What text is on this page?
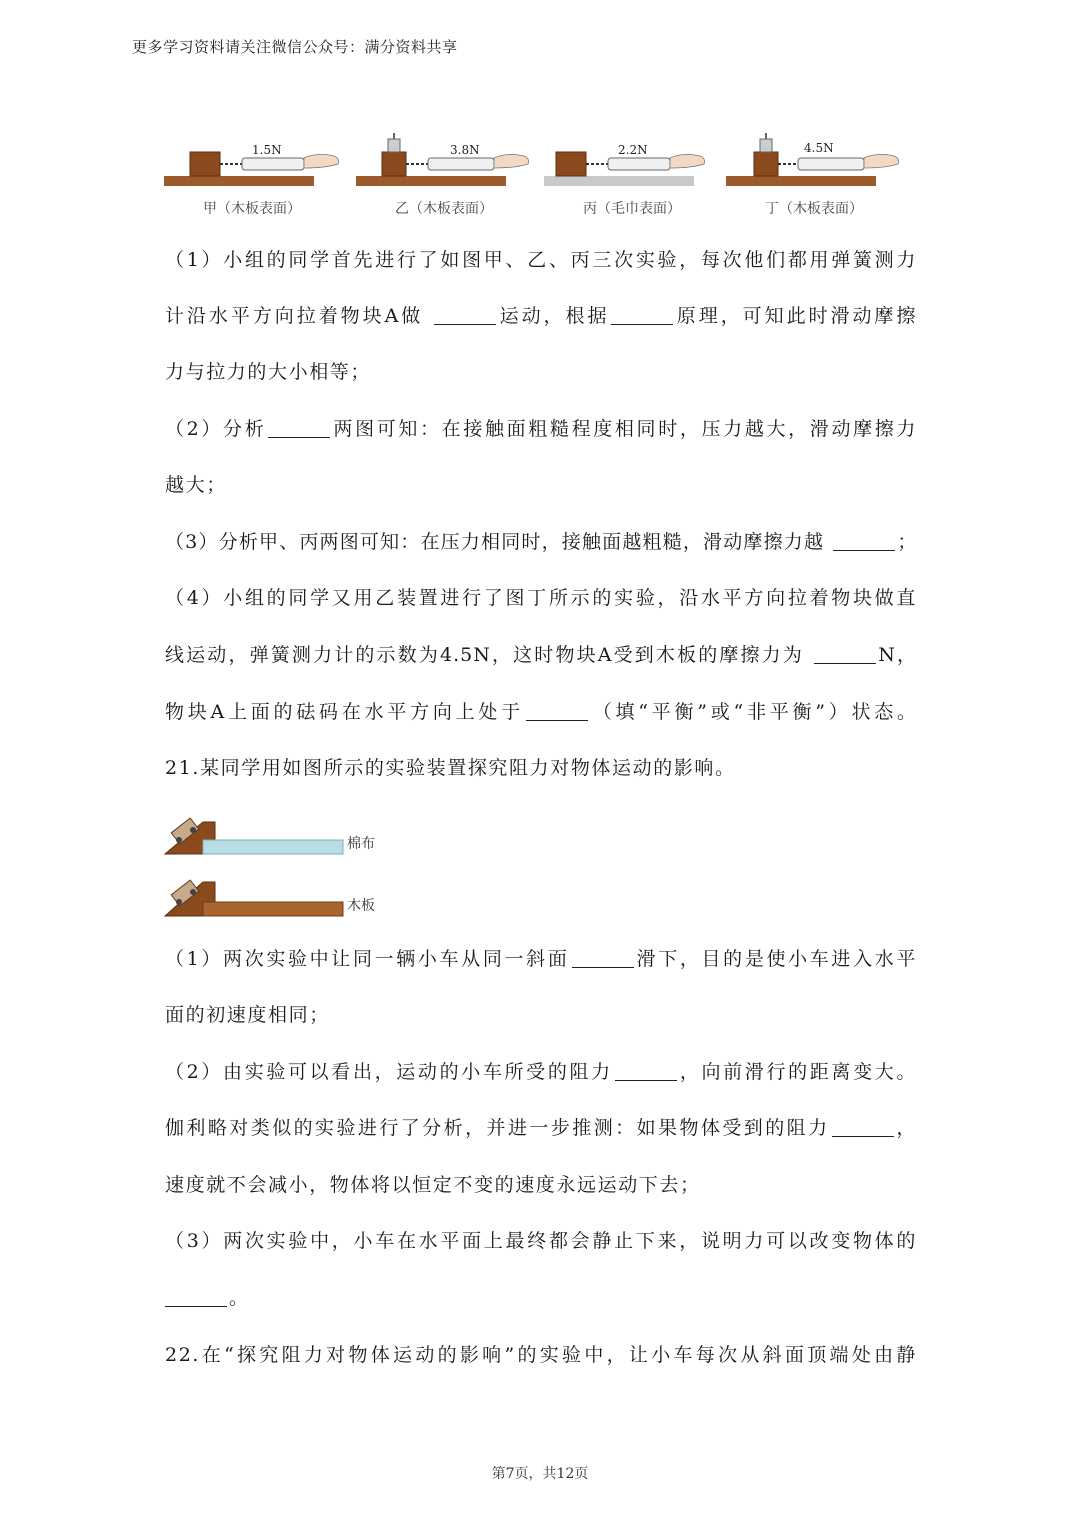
更多学习资料请关注微信公众号：满分资料共享
1.5N
甲（木板表面）
3.8N
乙（木板表面）
2.2N
丙（毛巾表面）
4.5N
丁（木板表面）
（1）小组的同学首先进行了如图甲、乙、丙三次实验，每次他们都用弹簧测力
计沿水平方向拉着物块A做	运动，根据	原理，可知此时滑动摩擦
力与拉力的大小相等；
（2）分析	两图可知：在接触面粗糙程度相同时，压力越大，滑动摩擦力
越大；
（3）分析甲、丙两图可知：在压力相同时，接触面越粗糙，滑动摩擦力越	；
（4）小组的同学又用乙装置进行了图丁所示的实验，沿水平方向拉着物块做直
线运动，弹簧测力计的示数为4.5N，这时物块A受到木板的摩擦力为	N，
物块A上面的砝码在水平方向上处于	（填“平衡”或“非平衡”）状态。
21.某同学用如图所示的实验装置探究阻力对物体运动的影响。
棉布
木板
（1）两次实验中让同一辆小车从同一斜面	滑下，目的是使小车进入水平
面的初速度相同；
（2）由实验可以看出，运动的小车所受的阻力	，向前滑行的距离变大。
伽利略对类似的实验进行了分析，并进一步推测：如果物体受到的阻力	，
速度就不会减小，物体将以恒定不变的速度永远运动下去；
（3）两次实验中，小车在水平面上最终都会静止下来，说明力可以改变物体的
。
22.在“探究阻力对物体运动的影响”的实验中，让小车每次从斜面顶端处由静
第7页，共12页
